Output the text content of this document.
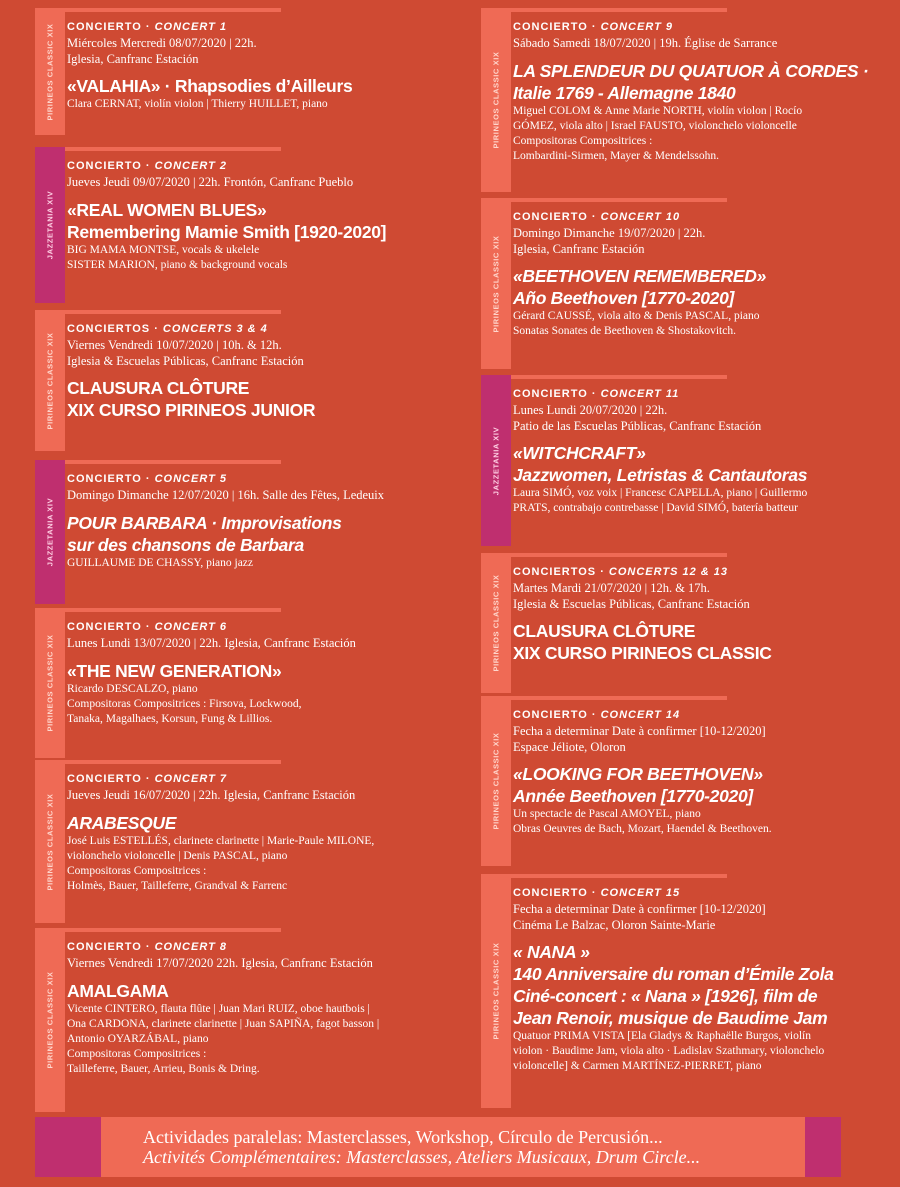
PIRINEOS CLASSIC XIX CONCIERTO · CONCERT 1

Miércoles Mercredi 08/07/2020 | 22h.

Iglesia, Canfranc Estación

«VALAHIA» · Rhapsodies d’Ailleurs

Clara CERNAT, violín violon | Thierry HUILLET, piano

JAZZETANIA XIV
CONCIERTO · CONCERT 2

Jueves Jeudi 09/07/2020 | 22h. Frontón, Canfranc Pueblo

«REAL WOMEN BLUES»
Remembering Mamie Smith [1920-2020]

BIG MAMA MONTSE, vocals & ukelele

SISTER MARION, piano & background vocals

PIRINEOS CLASSIC XIX
CONCIERTOS · CONCERTS 3 & 4

Viernes Vendredi 10/07/2020 | 10h. & 12h.

Iglesia & Escuelas Públicas, Canfranc Estación

CLAUSURA CLÔTURE
XIX CURSO PIRINEOS JUNIOR
JAZZETANIA XIV
CONCIERTO · CONCERT 5

Domingo Dimanche 12/07/2020 | 16h. Salle des Fêtes, Ledeuix

POUR BARBARA · Improvisations
sur des chansons de Barbara

GUILLAUME DE CHASSY, piano jazz

PIRINEOS CLASSIC XIX
CONCIERTO · CONCERT 6

Lunes Lundi 13/07/2020 | 22h. Iglesia, Canfranc Estación

«THE NEW GENERATION»

Ricardo DESCALZO, piano

Compositoras Compositrices : Firsova, Lockwood,

Tanaka, Magalhaes, Korsun, Fung & Lillios.

PIRINEOS CLASSIC XIX
CONCIERTO · CONCERT 7

Jueves Jeudi 16/07/2020 | 22h. Iglesia, Canfranc Estación

ARABESQUE

José Luis ESTELLÉS, clarinete clarinette | Marie-Paule MILONE,

violonchelo violoncelle | Denis PASCAL, piano

Compositoras Compositrices :

Holmès, Bauer, Tailleferre, Grandval & Farrenc

PIRINEOS CLASSIC XIX
CONCIERTO · CONCERT 8

Viernes Vendredi 17/07/2020 22h. Iglesia, Canfranc Estación

AMALGAMA

Vicente CINTERO, flauta flûte | Juan Mari RUIZ, oboe hautbois |

Ona CARDONA, clarinete clarinette | Juan SAPIÑA, fagot basson |

Antonio OYARZÁBAL, piano

Compositoras Compositrices :

Tailleferre, Bauer, Arrieu, Bonis & Dring.

PIRINEOS CLASSIC XIX
CONCIERTO · CONCERT 9

Sábado Samedi 18/07/2020 | 19h. Église de Sarrance

LA SPLENDEUR DU QUATUOR À CORDES ·
Italie 1769 - Allemagne 1840

Miguel COLOM & Anne Marie NORTH, violín violon | Rocío

GÓMEZ, viola alto | Israel FAUSTO, violonchelo violoncelle

Compositoras Compositrices :

Lombardini-Sirmen, Mayer & Mendelssohn.

PIRINEOS CLASSIC XIX
CONCIERTO · CONCERT 10

Domingo Dimanche 19/07/2020 | 22h.

Iglesia, Canfranc Estación

«BEETHOVEN REMEMBERED»
Año Beethoven [1770-2020]

Gérard CAUSSÉ, viola alto & Denis PASCAL, piano

Sonatas Sonates de Beethoven & Shostakovitch.

JAZZETANIA XIV
CONCIERTO · CONCERT 11

Lunes Lundi 20/07/2020 | 22h.

Patio de las Escuelas Públicas, Canfranc Estación

«WITCHCRAFT»
Jazzwomen, Letristas & Cantautoras

Laura SIMÓ, voz voix | Francesc CAPELLA, piano | Guillermo

PRATS, contrabajo contrebasse | David SIMÓ, batería batteur

PIRINEOS CLASSIC XIX
CONCIERTOS · CONCERTS 12 & 13

Martes Mardi 21/07/2020 | 12h. & 17h.

Iglesia & Escuelas Públicas, Canfranc Estación

CLAUSURA CLÔTURE
XIX CURSO PIRINEOS CLASSIC
PIRINEOS CLASSIC XIX
CONCIERTO · CONCERT 14

Fecha a determinar Date à confirmer [10-12/2020]

Espace Jéliote, Oloron

«LOOKING FOR BEETHOVEN»
Année Beethoven [1770-2020]

Un spectacle de Pascal AMOYEL, piano

Obras Oeuvres de Bach, Mozart, Haendel & Beethoven.

PIRINEOS CLASSIC XIX
CONCIERTO · CONCERT 15

Fecha a determinar Date à confirmer [10-12/2020]

Cinéma Le Balzac, Oloron Sainte-Marie

« NANA »
140 Anniversaire du roman d’Émile Zola
Ciné-concert : « Nana » [1926], film de
Jean Renoir, musique de Baudime Jam

Quatuor PRIMA VISTA [Ela Gladys & Raphaëlle Burgos, violín

violon · Baudime Jam, viola alto · Ladislav Szathmary, violonchelo

violoncelle] & Carmen MARTÍNEZ-PIERRET, piano

Actividades paralelas: Masterclasses, Workshop, Círculo de Percusión...

Activités Complémentaires: Masterclasses, Ateliers Musicaux, Drum Circle...
